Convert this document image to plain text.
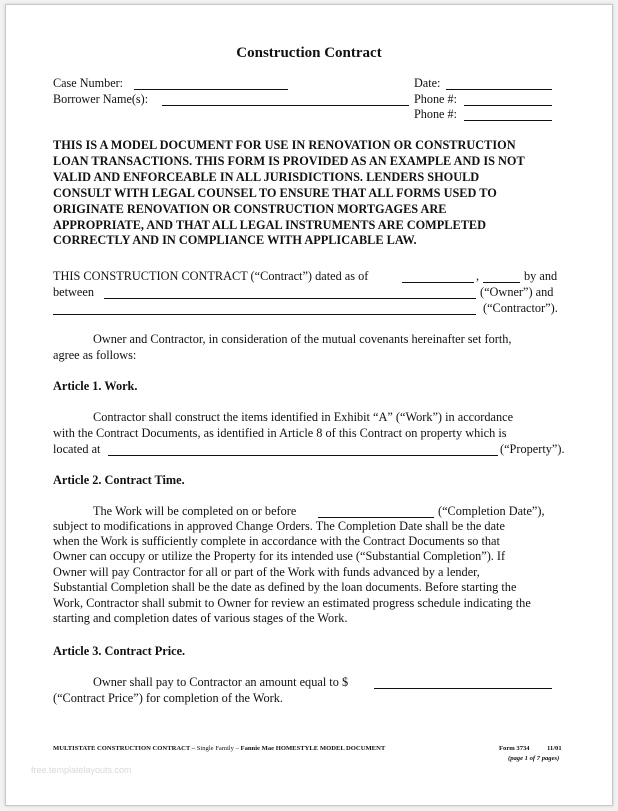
Construction Contract
Case Number:	Date:
Borrower Name(s):	Phone #:
Phone #:
THIS IS A MODEL DOCUMENT FOR USE IN RENOVATION OR CONSTRUCTION
LOAN TRANSACTIONS. THIS FORM IS PROVIDED AS AN EXAMPLE AND IS NOT
VALID AND ENFORCEABLE IN ALL JURISDICTIONS. LENDERS SHOULD
CONSULT WITH LEGAL COUNSEL TO ENSURE THAT ALL FORMS USED TO
ORIGINATE RENOVATION OR CONSTRUCTION MORTGAGES ARE
APPROPRIATE, AND THAT ALL LEGAL INSTRUMENTS ARE COMPLETED
CORRECTLY AND IN COMPLIANCE WITH APPLICABLE LAW.
THIS CONSTRUCTION CONTRACT (“Contract”) dated as of	,	by and
between	(“Owner”) and
(“Contractor”).
Owner and Contractor, in consideration of the mutual covenants hereinafter set forth,
agree as follows:
Article 1. Work.
Contractor shall construct the items identified in Exhibit “A” (“Work”) in accordance
with the Contract Documents, as identified in Article 8 of this Contract on property which is
located at	(“Property”).
Article 2. Contract Time.
The Work will be completed on or before	(“Completion Date”),
subject to modifications in approved Change Orders. The Completion Date shall be the date
when the Work is sufficiently complete in accordance with the Contract Documents so that
Owner can occupy or utilize the Property for its intended use (“Substantial Completion”). If
Owner will pay Contractor for all or part of the Work with funds advanced by a lender,
Substantial Completion shall be the date as defined by the loan documents. Before starting the
Work, Contractor shall submit to Owner for review an estimated progress schedule indicating the
starting and completion dates of various stages of the Work.
Article 3. Contract Price.
Owner shall pay to Contractor an amount equal to $
(“Contract Price”) for completion of the Work.
MULTISTATE CONSTRUCTION CONTRACT – Single Family – Fannie Mae HOMESTYLE MODEL DOCUMENT	Form 3734	11/01
(page 1 of 7 pages)
free.templatelayouts.com
